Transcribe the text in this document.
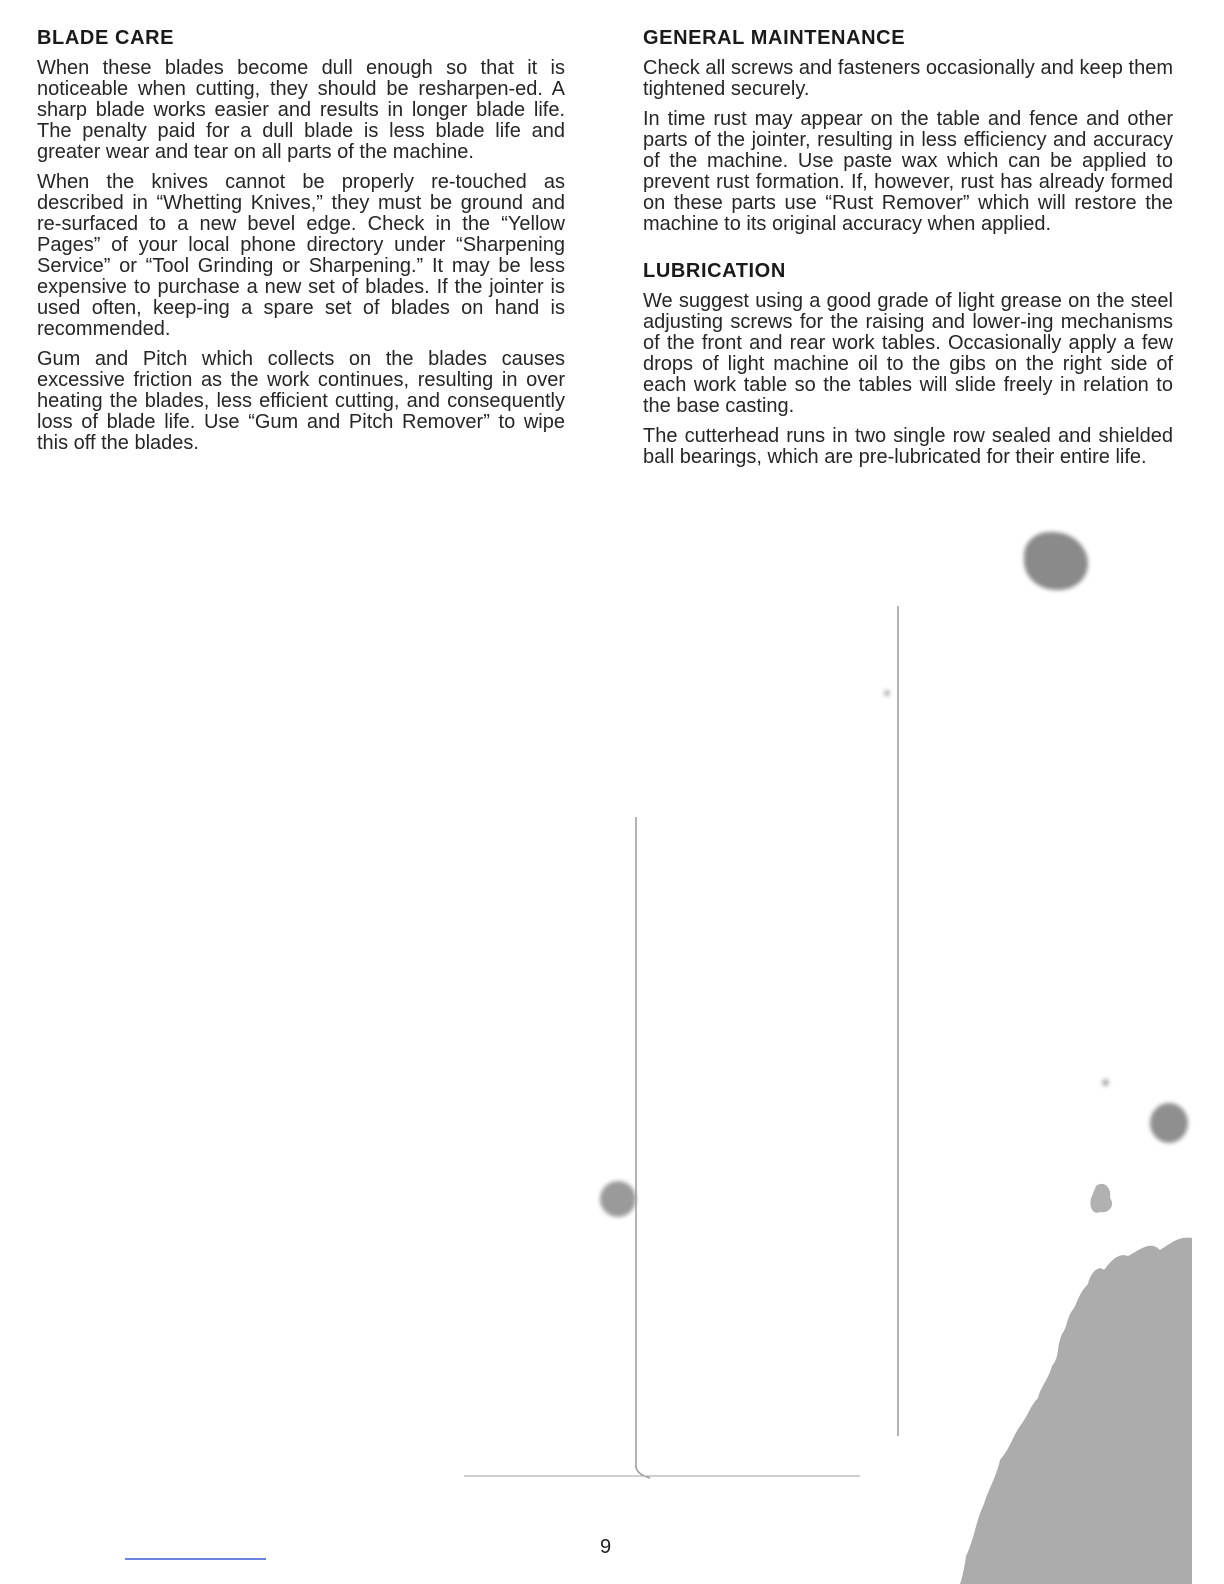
BLADE CARE

When these blades become dull enough so that it is noticeable when cutting, they should be resharpen-ed. A sharp blade works easier and results in longer blade life. The penalty paid for a dull blade is less blade life and greater wear and tear on all parts of the machine.

When the knives cannot be properly re-touched as described in “Whetting Knives,” they must be ground and re-surfaced to a new bevel edge. Check in the “Yellow Pages” of your local phone directory under “Sharpening Service” or “Tool Grinding or Sharpening.” It may be less expensive to purchase a new set of blades. If the jointer is used often, keep-ing a spare set of blades on hand is recommended.

Gum and Pitch which collects on the blades causes excessive friction as the work continues, resulting in over heating the blades, less efficient cutting, and consequently loss of blade life. Use “Gum and Pitch Remover” to wipe this off the blades.

GENERAL MAINTENANCE

Check all screws and fasteners occasionally and keep them tightened securely.

In time rust may appear on the table and fence and other parts of the jointer, resulting in less efficiency and accuracy of the machine. Use paste wax which can be applied to prevent rust formation. If, however, rust has already formed on these parts use “Rust Remover” which will restore the machine to its original accuracy when applied.

LUBRICATION

We suggest using a good grade of light grease on the steel adjusting screws for the raising and lower-ing mechanisms of the front and rear work tables. Occasionally apply a few drops of light machine oil to the gibs on the right side of each work table so the tables will slide freely in relation to the base casting.

The cutterhead runs in two single row sealed and shielded ball bearings, which are pre-lubricated for their entire life.

9
